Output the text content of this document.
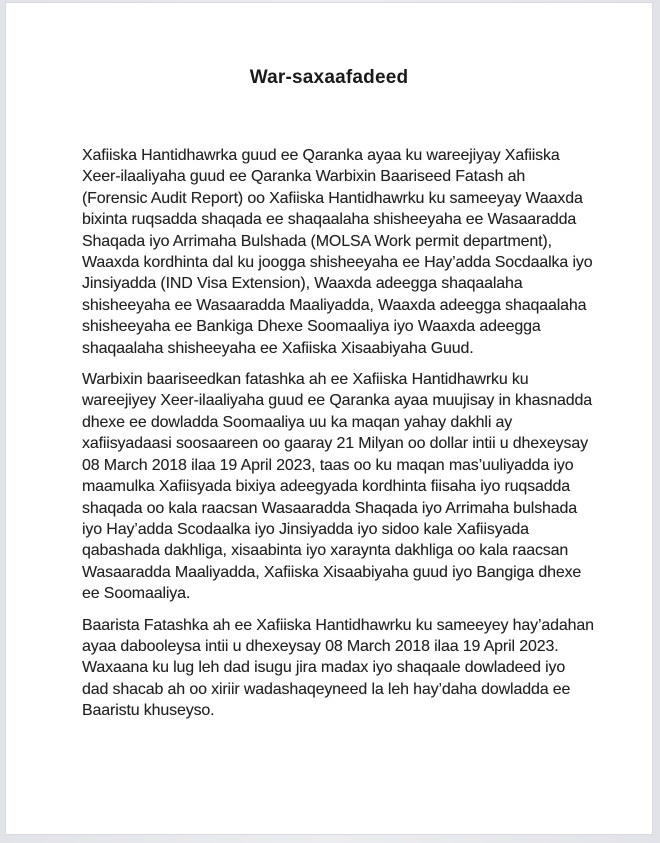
War-saxaafadeed

Xafiiska Hantidhawrka guud ee Qaranka ayaa ku wareejiyay Xafiiska Xeer-ilaaliyaha guud ee Qaranka Warbixin Baariseed Fatash ah (Forensic Audit Report) oo Xafiiska Hantidhawrku ku sameeyay Waaxda bixinta ruqsadda shaqada ee shaqaalaha shisheeyaha ee Wasaaradda Shaqada iyo Arrimaha Bulshada (MOLSA Work permit department), Waaxda kordhinta dal ku joogga shisheeyaha ee Hay’adda Socdaalka iyo Jinsiyadda (IND Visa Extension), Waaxda adeegga shaqaalaha shisheeyaha ee Wasaaradda Maaliyadda, Waaxda adeegga shaqaalaha shisheeyaha ee Bankiga Dhexe Soomaaliya iyo Waaxda adeegga shaqaalaha shisheeyaha ee Xafiiska Xisaabiyaha Guud.

Warbixin baariseedkan fatashka ah ee Xafiiska Hantidhawrku ku wareejiyey Xeer-ilaaliyaha guud ee Qaranka ayaa muujisay in khasnadda dhexe ee dowladda Soomaaliya uu ka maqan yahay dakhli ay xafiisyadaasi soosaareen oo gaaray 21 Milyan oo dollar intii u dhexeysay 08 March 2018 ilaa 19 April 2023, taas oo ku maqan mas’uuliyadda iyo maamulka Xafiisyada bixiya adeegyada kordhinta fiisaha iyo ruqsadda shaqada oo kala raacsan Wasaaradda Shaqada iyo Arrimaha bulshada iyo Hay’adda Scodaalka iyo Jinsiyadda iyo sidoo kale Xafiisyada qabashada dakhliga, xisaabinta iyo xaraynta dakhliga oo kala raacsan Wasaaradda Maaliyadda, Xafiiska Xisaabiyaha guud iyo Bangiga dhexe ee Soomaaliya.

Baarista Fatashka ah ee Xafiiska Hantidhawrku ku sameeyey hay’adahan ayaa dabooleysa intii u dhexeysay 08 March 2018 ilaa 19 April 2023. Waxaana ku lug leh dad isugu jira madax iyo shaqaale dowladeed iyo dad shacab ah oo xiriir wadashaqeyneed la leh hay’daha dowladda ee Baaristu khuseyso.
